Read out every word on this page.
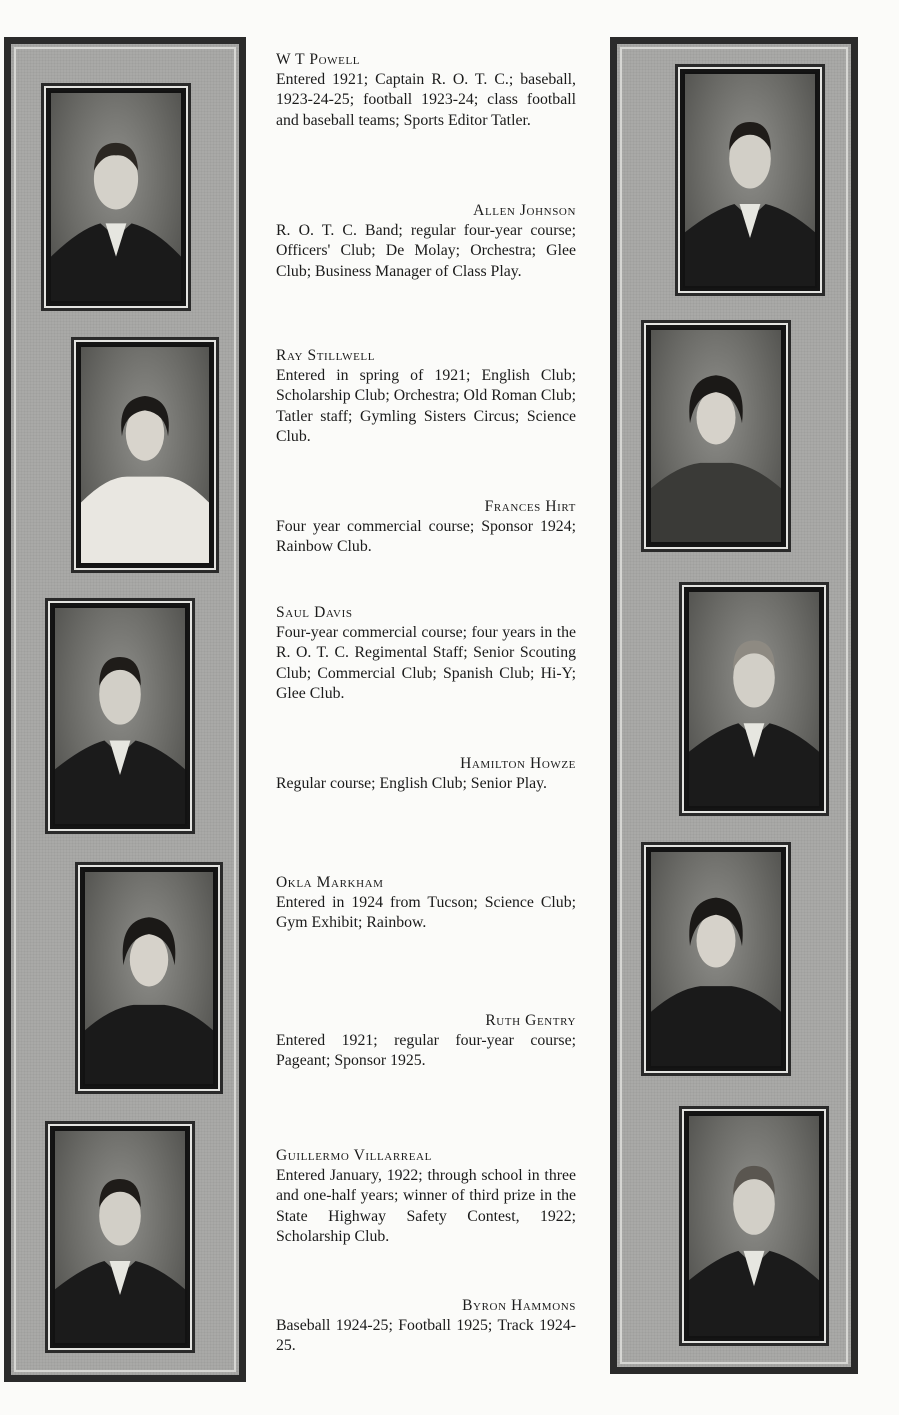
W T Powell
Entered 1921; Captain R. O. T. C.; baseball, 1923-24-25; football 1923-24; class football and baseball teams; Sports Editor Tatler.
Allen Johnson
R. O. T. C. Band; regular four-year course; Officers' Club; De Molay; Orchestra; Glee Club; Business Manager of Class Play.
Ray Stillwell
Entered in spring of 1921; English Club; Scholarship Club; Orchestra; Old Roman Club; Tatler staff; Gymling Sisters Circus; Science Club.
Frances Hirt
Four year commercial course; Sponsor 1924; Rainbow Club.
Saul Davis
Four-year commercial course; four years in the R. O. T. C. Regimental Staff; Senior Scouting Club; Commercial Club; Spanish Club; Hi-Y; Glee Club.
Hamilton Howze
Regular course; English Club; Senior Play.
Okla Markham
Entered in 1924 from Tucson; Science Club; Gym Exhibit; Rainbow.
Ruth Gentry
Entered 1921; regular four-year course; Pageant; Sponsor 1925.
Guillermo Villarreal
Entered January, 1922; through school in three and one-half years; winner of third prize in the State Highway Safety Contest, 1922; Scholarship Club.
Byron Hammons
Baseball 1924-25; Football 1925; Track 1924-25.
